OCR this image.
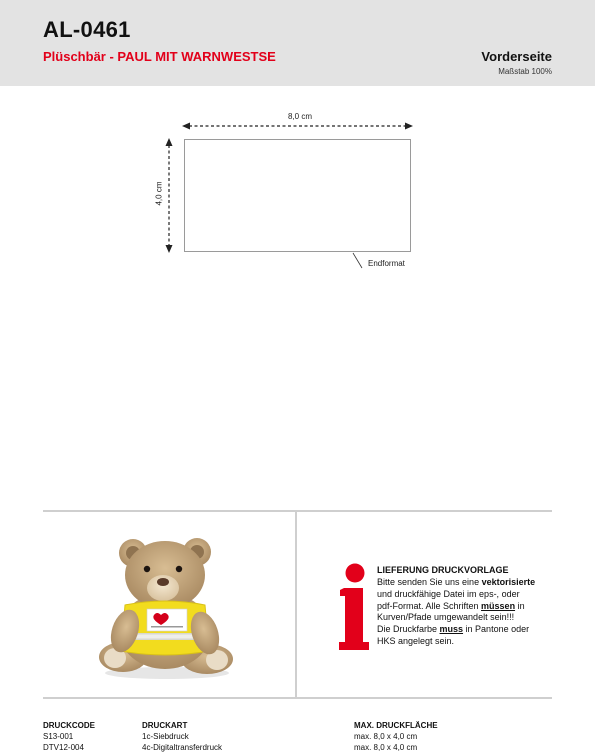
AL-0461
Plüschbär - PAUL MIT WARNWESTSE	Vorderseite
Maßstab 100%
8,0 cm
4,0 cm
Endformat
LIEFERUNG DRUCKVORLAGE
Bitte senden Sie uns eine vektorisierte
und druckfähige Datei im eps-, oder
pdf-Format. Alle Schriften müssen in
Kurven/Pfade umgewandelt sein!!!
Die Druckfarbe muss in Pantone oder
HKS angelegt sein.
DRUCKCODE	DRUCKART	MAX. DRUCKFLÄCHE
S13-001	1c-Siebdruck	max. 8,0 x 4,0 cm
DTV12-004	4c-Digitaltransferdruck	max. 8,0 x 4,0 cm
